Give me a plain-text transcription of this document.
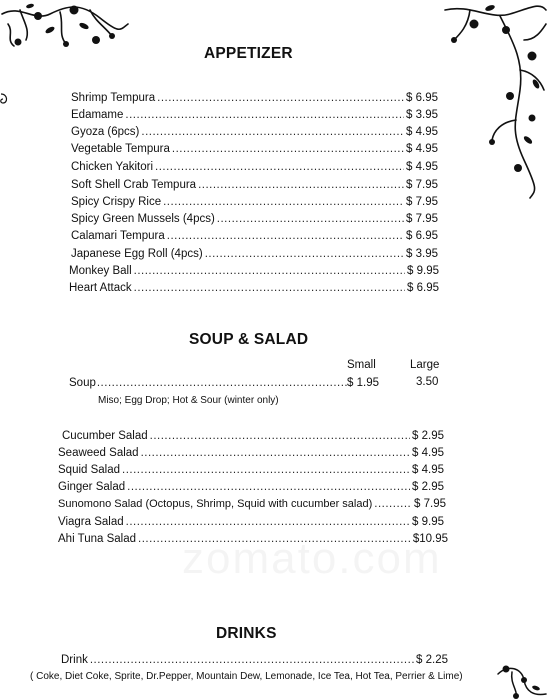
APPETIZER
Shrimp Tempura .....	$ 6.95
Edamame .....	$ 3.95
Gyoza (6pcs) .....	$ 4.95
Vegetable Tempura .....	$ 4.95
Chicken Yakitori .....	$ 4.95
Soft Shell Crab Tempura .....	$ 7.95
Spicy Crispy Rice .....	$ 7.95
Spicy Green Mussels (4pcs) .....	$ 7.95
Calamari Tempura .....	$ 6.95
Japanese Egg Roll (4pcs) .....	$ 3.95
Monkey Ball .....	$ 9.95
Heart Attack .....	$ 6.95
SOUP & SALAD
Small	Large
Soup .....	$ 1.95	3.50
Miso; Egg Drop; Hot & Sour (winter only)
Cucumber Salad .....	$ 2.95
Seaweed Salad .....	$ 4.95
Squid Salad .....	$ 4.95
Ginger Salad .....	$ 2.95
Sunomono Salad (Octopus, Shrimp, Squid with cucumber salad) .....	$ 7.95
Viagra Salad .....	$ 9.95
Ahi Tuna Salad .....	$10.95
DRINKS
Drink .....	$ 2.25
( Coke, Diet Coke, Sprite, Dr.Pepper, Mountain Dew, Lemonade, Ice Tea, Hot Tea, Perrier & Lime)
